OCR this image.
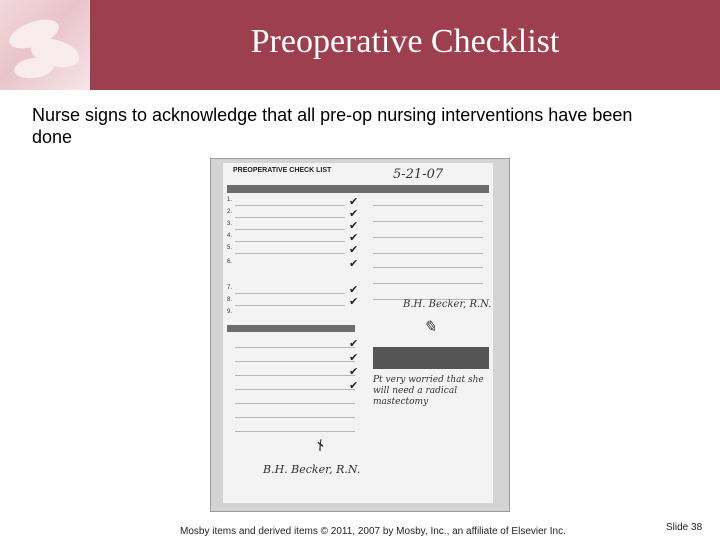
Preoperative Checklist
Nurse signs to acknowledge that all pre-op nursing interventions have been done
PREOPERATIVE CHECK LIST	5-21-07
1.
2.
3.
4.
5.
6.
7.
8.
9.
✔
✔
✔
✔
✔
✔
✔
✔
✔
✔
✔
✔ Pt very worried that she will need a radical mastectomy
B.H. Becker, R.N.
✎
B.H. Becker, R.N.
✗
Mosby items and derived items © 2011, 2007 by Mosby, Inc., an affiliate of Elsevier Inc.	Slide 38
